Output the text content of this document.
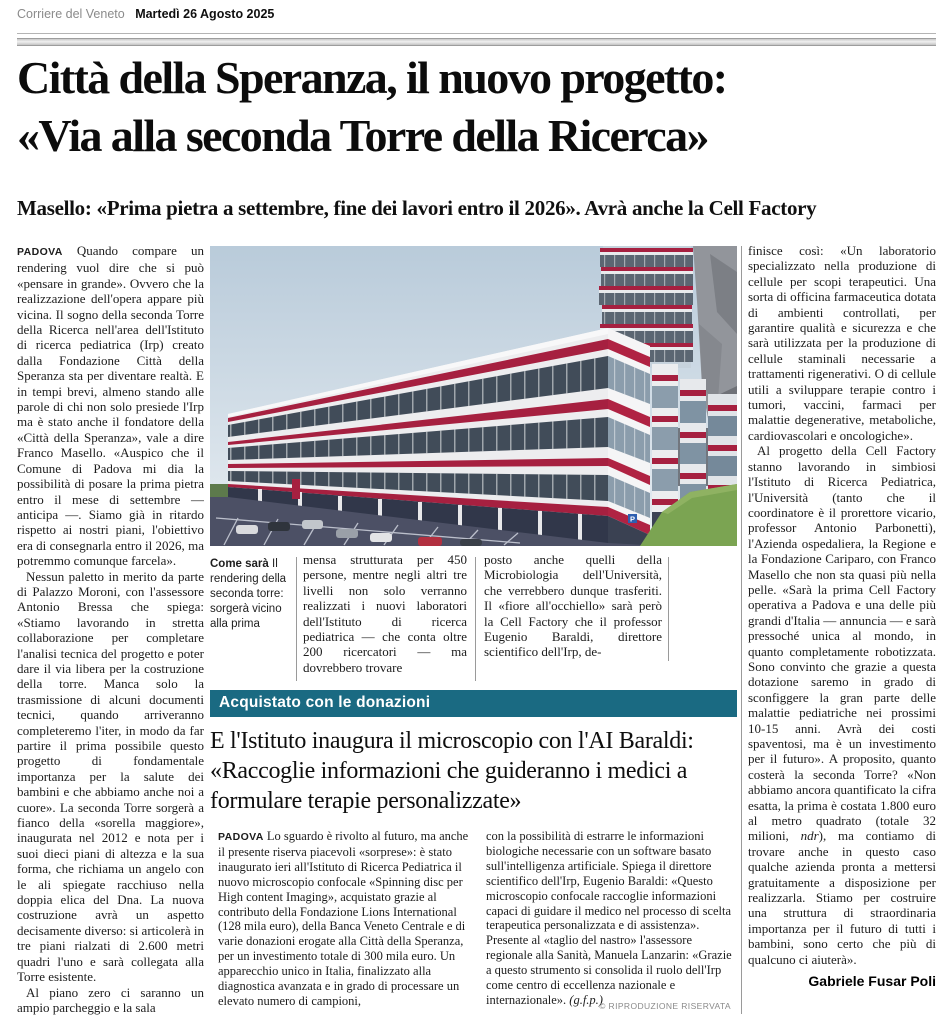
Corriere del Veneto Martedì 26 Agosto 2025
Città della Speranza, il nuovo progetto:
«Via alla seconda Torre della Ricerca»
Masello: «Prima pietra a settembre, fine dei lavori entro il 2026». Avrà anche la Cell Factory

PADOVA Quando compare un rendering vuol dire che si può «pensare in grande». Ovvero che la realizzazione dell'opera appare più vicina. Il sogno della seconda Torre della Ricerca nell'area dell'Istituto di ricerca pediatrica (Irp) creato dalla Fondazione Città della Speranza sta per diventare realtà. E in tempi brevi, almeno stando alle parole di chi non solo presiede l'Irp ma è stato anche il fondatore della «Città della Speranza», vale a dire Franco Masello. «Auspico che il Comune di Padova mi dia la possibilità di posare la prima pietra entro il mese di settembre — anticipa —. Siamo già in ritardo rispetto ai nostri piani, l'obiettivo era di consegnarla entro il 2026, ma potremmo comunque farcela».

Nessun paletto in merito da parte di Palazzo Moroni, con l'assessore Antonio Bressa che spiega: «Stiamo lavorando in stretta collaborazione per completare l'analisi tecnica del progetto e poter dare il via libera per la costruzione della torre. Manca solo la trasmissione di alcuni documenti tecnici, quando arriveranno completeremo l'iter, in modo da far partire il prima possibile questo progetto di fondamentale importanza per la salute dei bambini e che abbiamo anche noi a cuore». La seconda Torre sorgerà a fianco della «sorella maggiore», inaugurata nel 2012 e nota per i suoi dieci piani di altezza e la sua forma, che richiama un angelo con le ali spiegate racchiuso nella doppia elica del Dna. La nuova costruzione avrà un aspetto decisamente diverso: si articolerà in tre piani rialzati di 2.600 metri quadri l'uno e sarà collegata alla Torre esistente.

Al piano zero ci saranno un ampio parcheggio e la sala

P
Come sarà Il rendering della seconda torre: sorgerà vicino alla prima

mensa strutturata per 450 persone, mentre negli altri tre livelli non solo verranno realizzati i nuovi laboratori dell'Istituto di ricerca pediatrica — che conta oltre 200 ricercatori — ma dovrebbero trovare

posto anche quelli della Microbiologia dell'Università, che verrebbero dunque trasferiti. Il «fiore all'occhiello» sarà però la Cell Factory che il professor Eugenio Baraldi, direttore scientifico dell'Irp, de-

finisce così: «Un laboratorio specializzato nella produzione di cellule per scopi terapeutici. Una sorta di officina farmaceutica dotata di ambienti controllati, per garantire qualità e sicurezza e che sarà utilizzata per la produzione di cellule staminali necessarie a trattamenti rigenerativi. O di cellule utili a sviluppare terapie contro i tumori, vaccini, farmaci per malattie degenerative, metaboliche, cardiovascolari e oncologiche».

Al progetto della Cell Factory stanno lavorando in simbiosi l'Istituto di Ricerca Pediatrica, l'Università (tanto che il coordinatore è il prorettore vicario, professor Antonio Parbonetti), l'Azienda ospedaliera, la Regione e la Fondazione Cariparo, con Franco Masello che non sta quasi più nella pelle. «Sarà la prima Cell Factory operativa a Padova e una delle più grandi d'Italia — annuncia — e sarà pressoché unica al mondo, in quanto completamente robotizzata. Sono convinto che grazie a questa dotazione saremo in grado di sconfiggere la gran parte delle malattie pediatriche nei prossimi 10-15 anni. Avrà dei costi spaventosi, ma è un investimento per il futuro». A proposito, quanto costerà la seconda Torre? «Non abbiamo ancora quantificato la cifra esatta, la prima è costata 1.800 euro al metro quadrato (totale 32 milioni, ndr), ma contiamo di trovare anche in questo caso qualche azienda pronta a mettersi gratuitamente a disposizione per realizzarla. Stiamo per costruire una struttura di straordinaria importanza per il futuro di tutti i bambini, sono certo che più di qualcuno ci aiuterà».

Gabriele Fusar Poli
Acquistato con le donazioni
E l'Istituto inaugura il microscopio con l'AI Baraldi: «Raccoglie informazioni che guideranno i medici a formulare terapie personalizzate»
PADOVA Lo sguardo è rivolto al futuro, ma anche il presente riserva piacevoli «sorprese»: è stato inaugurato ieri all'Istituto di Ricerca Pediatrica il nuovo microscopio confocale «Spinning disc per High content Imaging», acquistato grazie al contributo della Fondazione Lions International (128 mila euro), della Banca Veneto Centrale e di varie donazioni erogate alla Città della Speranza, per un investimento totale di 300 mila euro. Un apparecchio unico in Italia, finalizzato alla diagnostica avanzata e in grado di processare un elevato numero di campioni,
con la possibilità di estrarre le informazioni biologiche necessarie con un software basato sull'intelligenza artificiale. Spiega il direttore scientifico dell'Irp, Eugenio Baraldi: «Questo microscopio confocale raccoglie informazioni capaci di guidare il medico nel processo di scelta terapeutica personalizzata e di assistenza». Presente al «taglio del nastro» l'assessore regionale alla Sanità, Manuela Lanzarin: «Grazie a questo strumento si consolida il ruolo dell'Irp come centro di eccellenza nazionale e internazionale». (g.f.p.)
© RIPRODUZIONE RISERVATA
